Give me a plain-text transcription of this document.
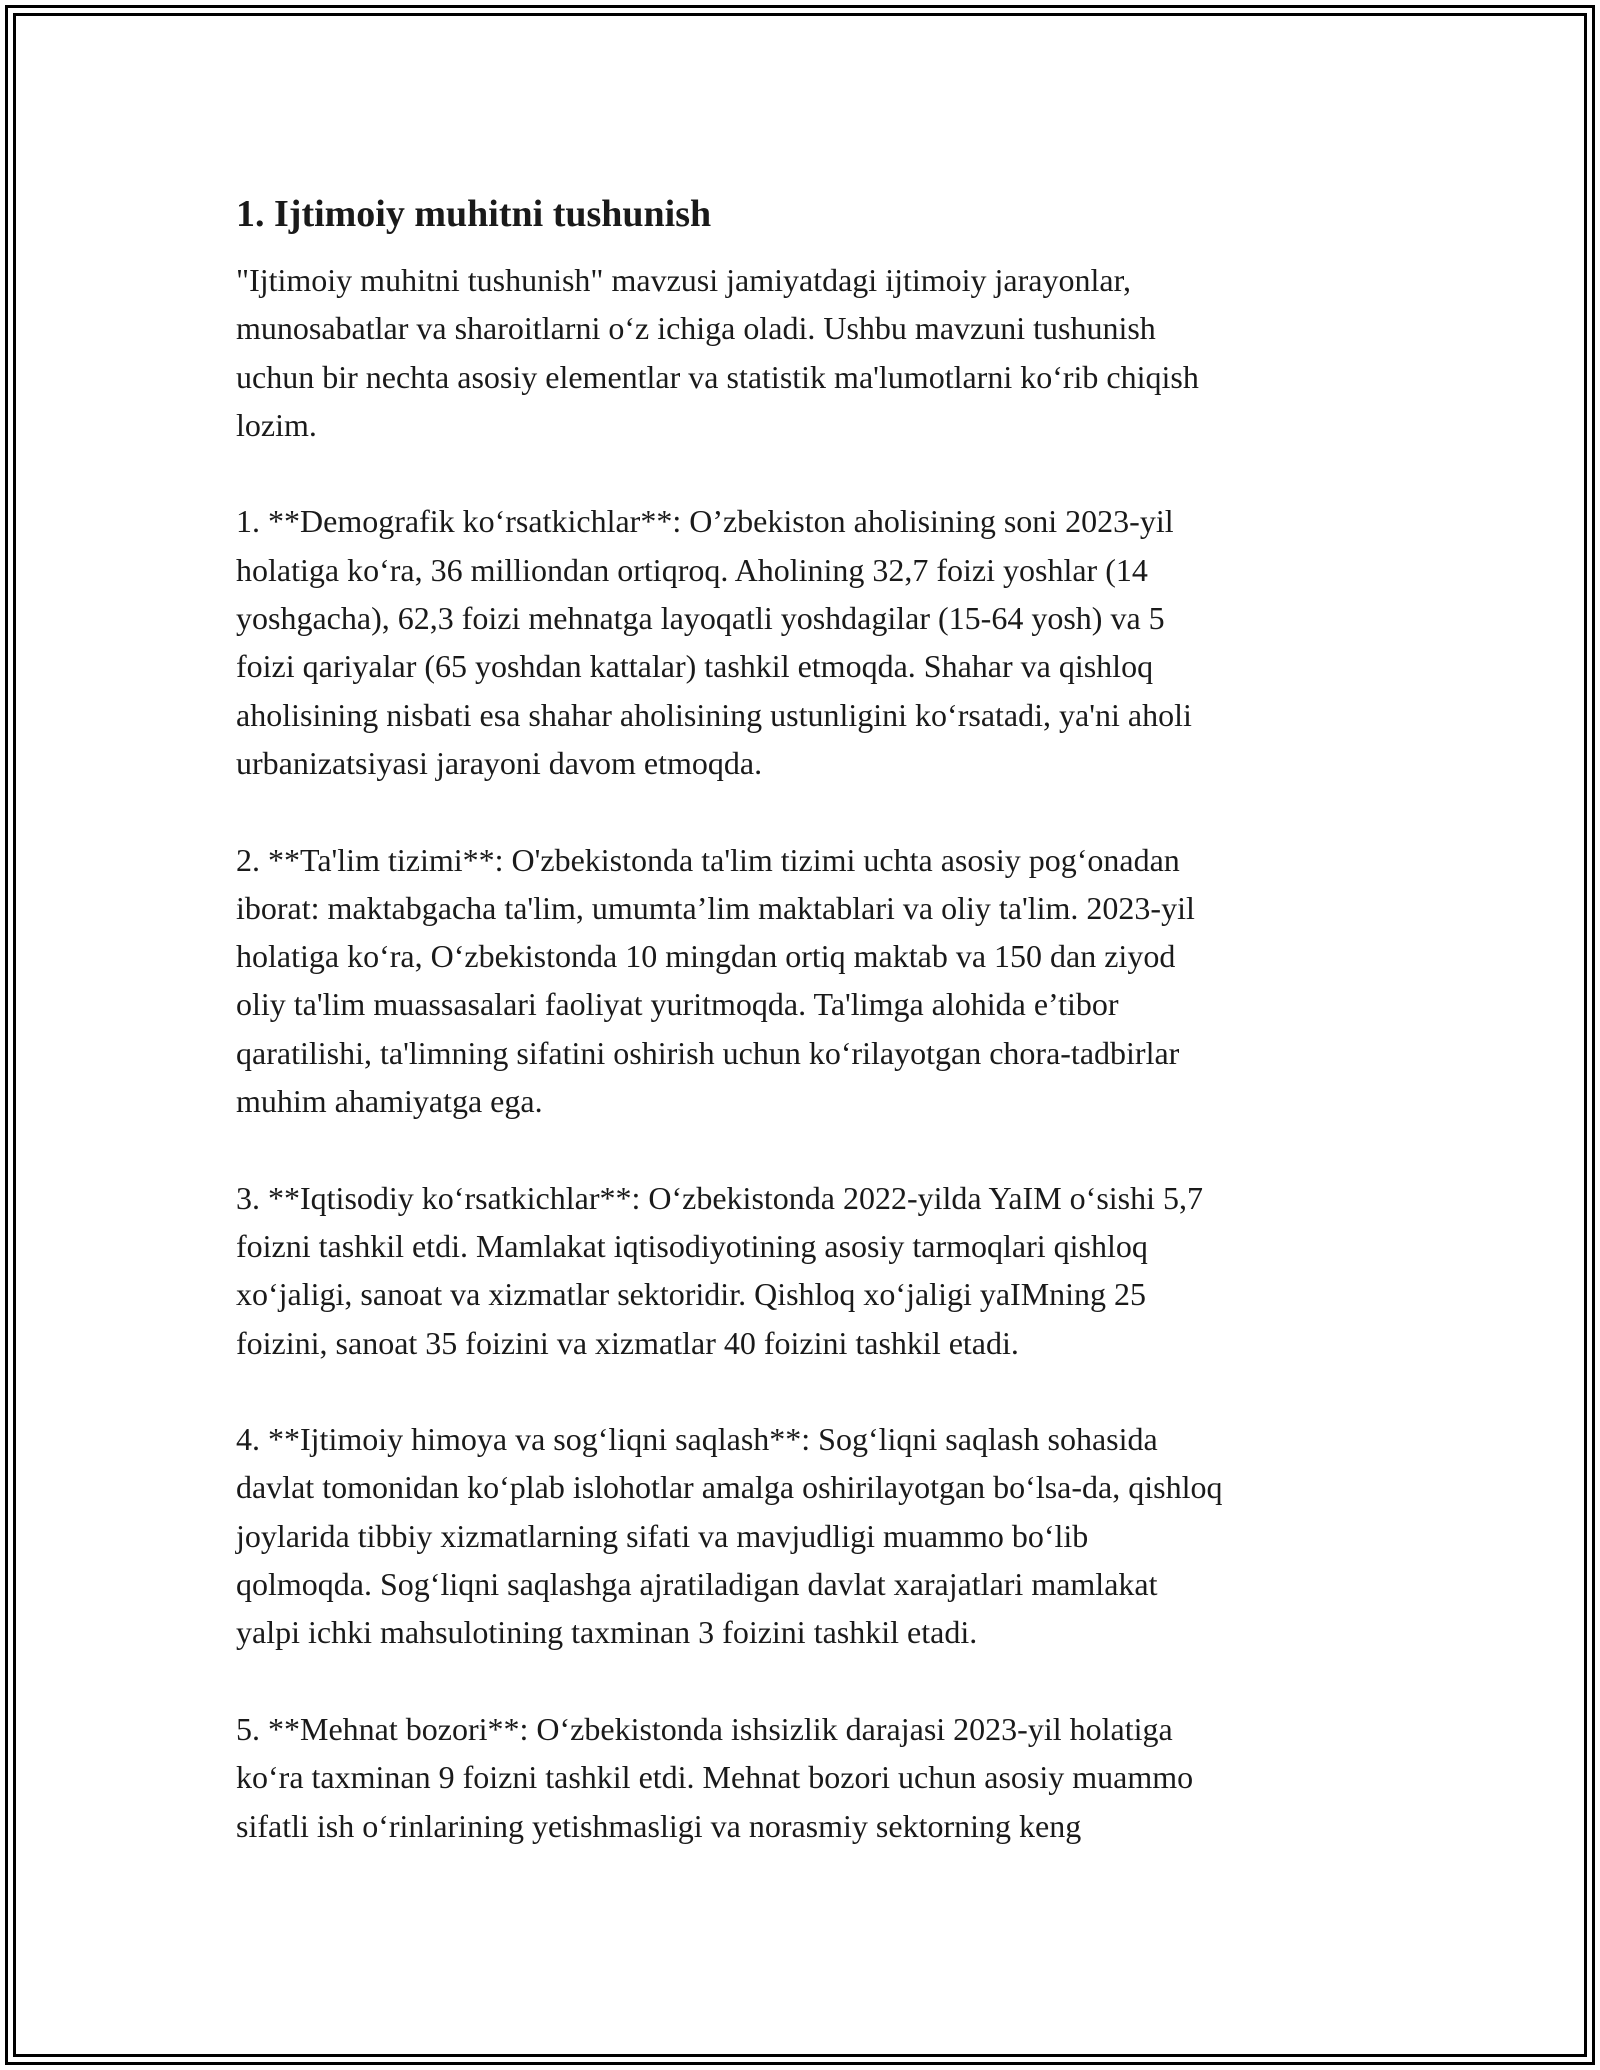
1. Ijtimoiy muhitni tushunish
"Ijtimoiy muhitni tushunish" mavzusi jamiyatdagi ijtimoiy jarayonlar,
munosabatlar va sharoitlarni o‘z ichiga oladi. Ushbu mavzuni tushunish
uchun bir nechta asosiy elementlar va statistik ma'lumotlarni ko‘rib chiqish
lozim.
1. **Demografik ko‘rsatkichlar**: O’zbekiston aholisining soni 2023-yil
holatiga ko‘ra, 36 milliondan ortiqroq. Aholining 32,7 foizi yoshlar (14
yoshgacha), 62,3 foizi mehnatga layoqatli yoshdagilar (15-64 yosh) va 5
foizi qariyalar (65 yoshdan kattalar) tashkil etmoqda. Shahar va qishloq
aholisining nisbati esa shahar aholisining ustunligini ko‘rsatadi, ya'ni aholi
urbanizatsiyasi jarayoni davom etmoqda.
2. **Ta'lim tizimi**: O'zbekistonda ta'lim tizimi uchta asosiy pog‘onadan
iborat: maktabgacha ta'lim, umumta’lim maktablari va oliy ta'lim. 2023-yil
holatiga ko‘ra, O‘zbekistonda 10 mingdan ortiq maktab va 150 dan ziyod
oliy ta'lim muassasalari faoliyat yuritmoqda. Ta'limga alohida e’tibor
qaratilishi, ta'limning sifatini oshirish uchun ko‘rilayotgan chora-tadbirlar
muhim ahamiyatga ega.
3. **Iqtisodiy ko‘rsatkichlar**: O‘zbekistonda 2022-yilda YaIM o‘sishi 5,7
foizni tashkil etdi. Mamlakat iqtisodiyotining asosiy tarmoqlari qishloq
xo‘jaligi, sanoat va xizmatlar sektoridir. Qishloq xo‘jaligi yaIMning 25
foizini, sanoat 35 foizini va xizmatlar 40 foizini tashkil etadi.
4. **Ijtimoiy himoya va sog‘liqni saqlash**: Sog‘liqni saqlash sohasida
davlat tomonidan ko‘plab islohotlar amalga oshirilayotgan bo‘lsa-da, qishloq
joylarida tibbiy xizmatlarning sifati va mavjudligi muammo bo‘lib
qolmoqda. Sog‘liqni saqlashga ajratiladigan davlat xarajatlari mamlakat
yalpi ichki mahsulotining taxminan 3 foizini tashkil etadi.
5. **Mehnat bozori**: O‘zbekistonda ishsizlik darajasi 2023-yil holatiga
ko‘ra taxminan 9 foizni tashkil etdi. Mehnat bozori uchun asosiy muammo
sifatli ish o‘rinlarining yetishmasligi va norasmiy sektorning keng
